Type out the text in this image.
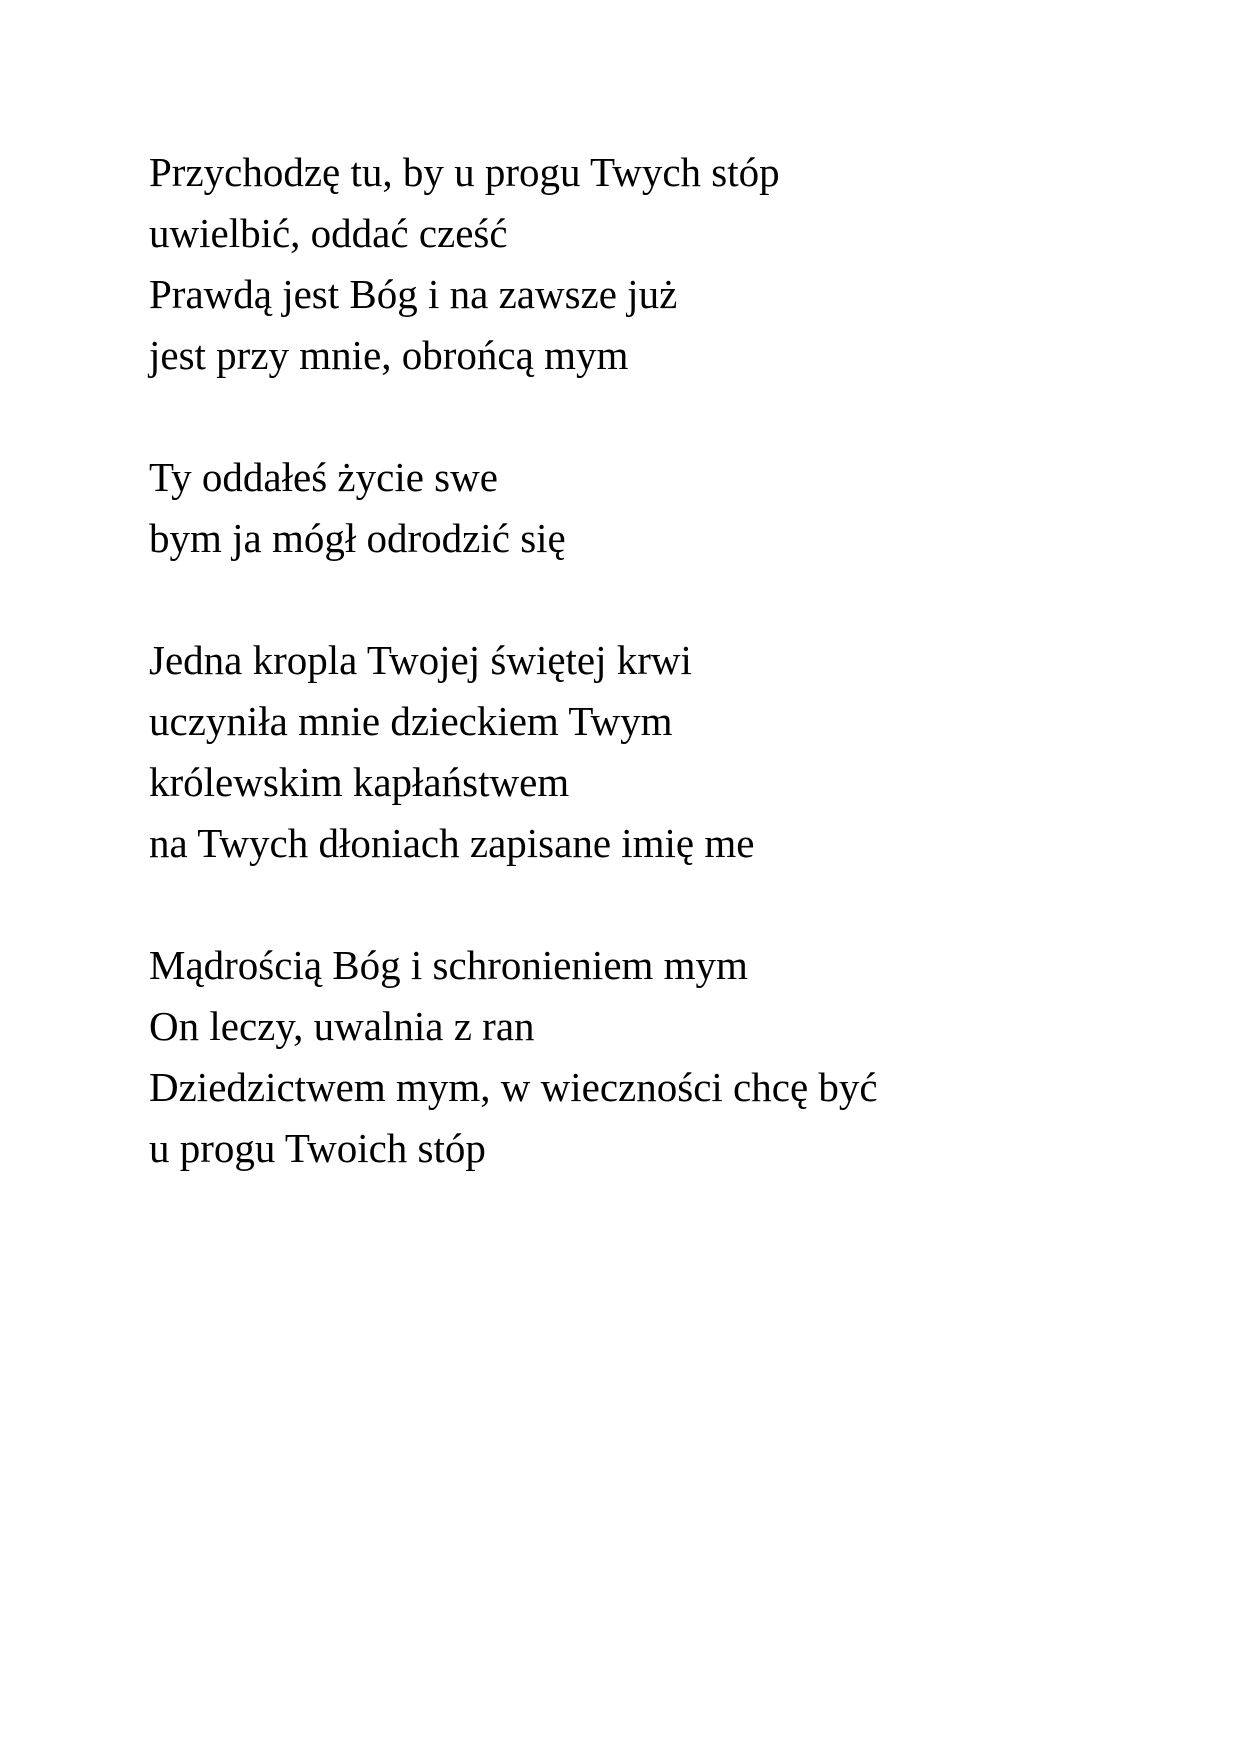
Przychodzę tu, by u progu Twych stóp
uwielbić, oddać cześć
Prawdą jest Bóg i na zawsze już
jest przy mnie, obrońcą mym
Ty oddałeś życie swe
bym ja mógł odrodzić się
Jedna kropla Twojej świętej krwi
uczyniła mnie dzieckiem Twym
królewskim kapłaństwem
na Twych dłoniach zapisane imię me
Mądrością Bóg i schronieniem mym
On leczy, uwalnia z ran
Dziedzictwem mym, w wieczności chcę być
u progu Twoich stóp
